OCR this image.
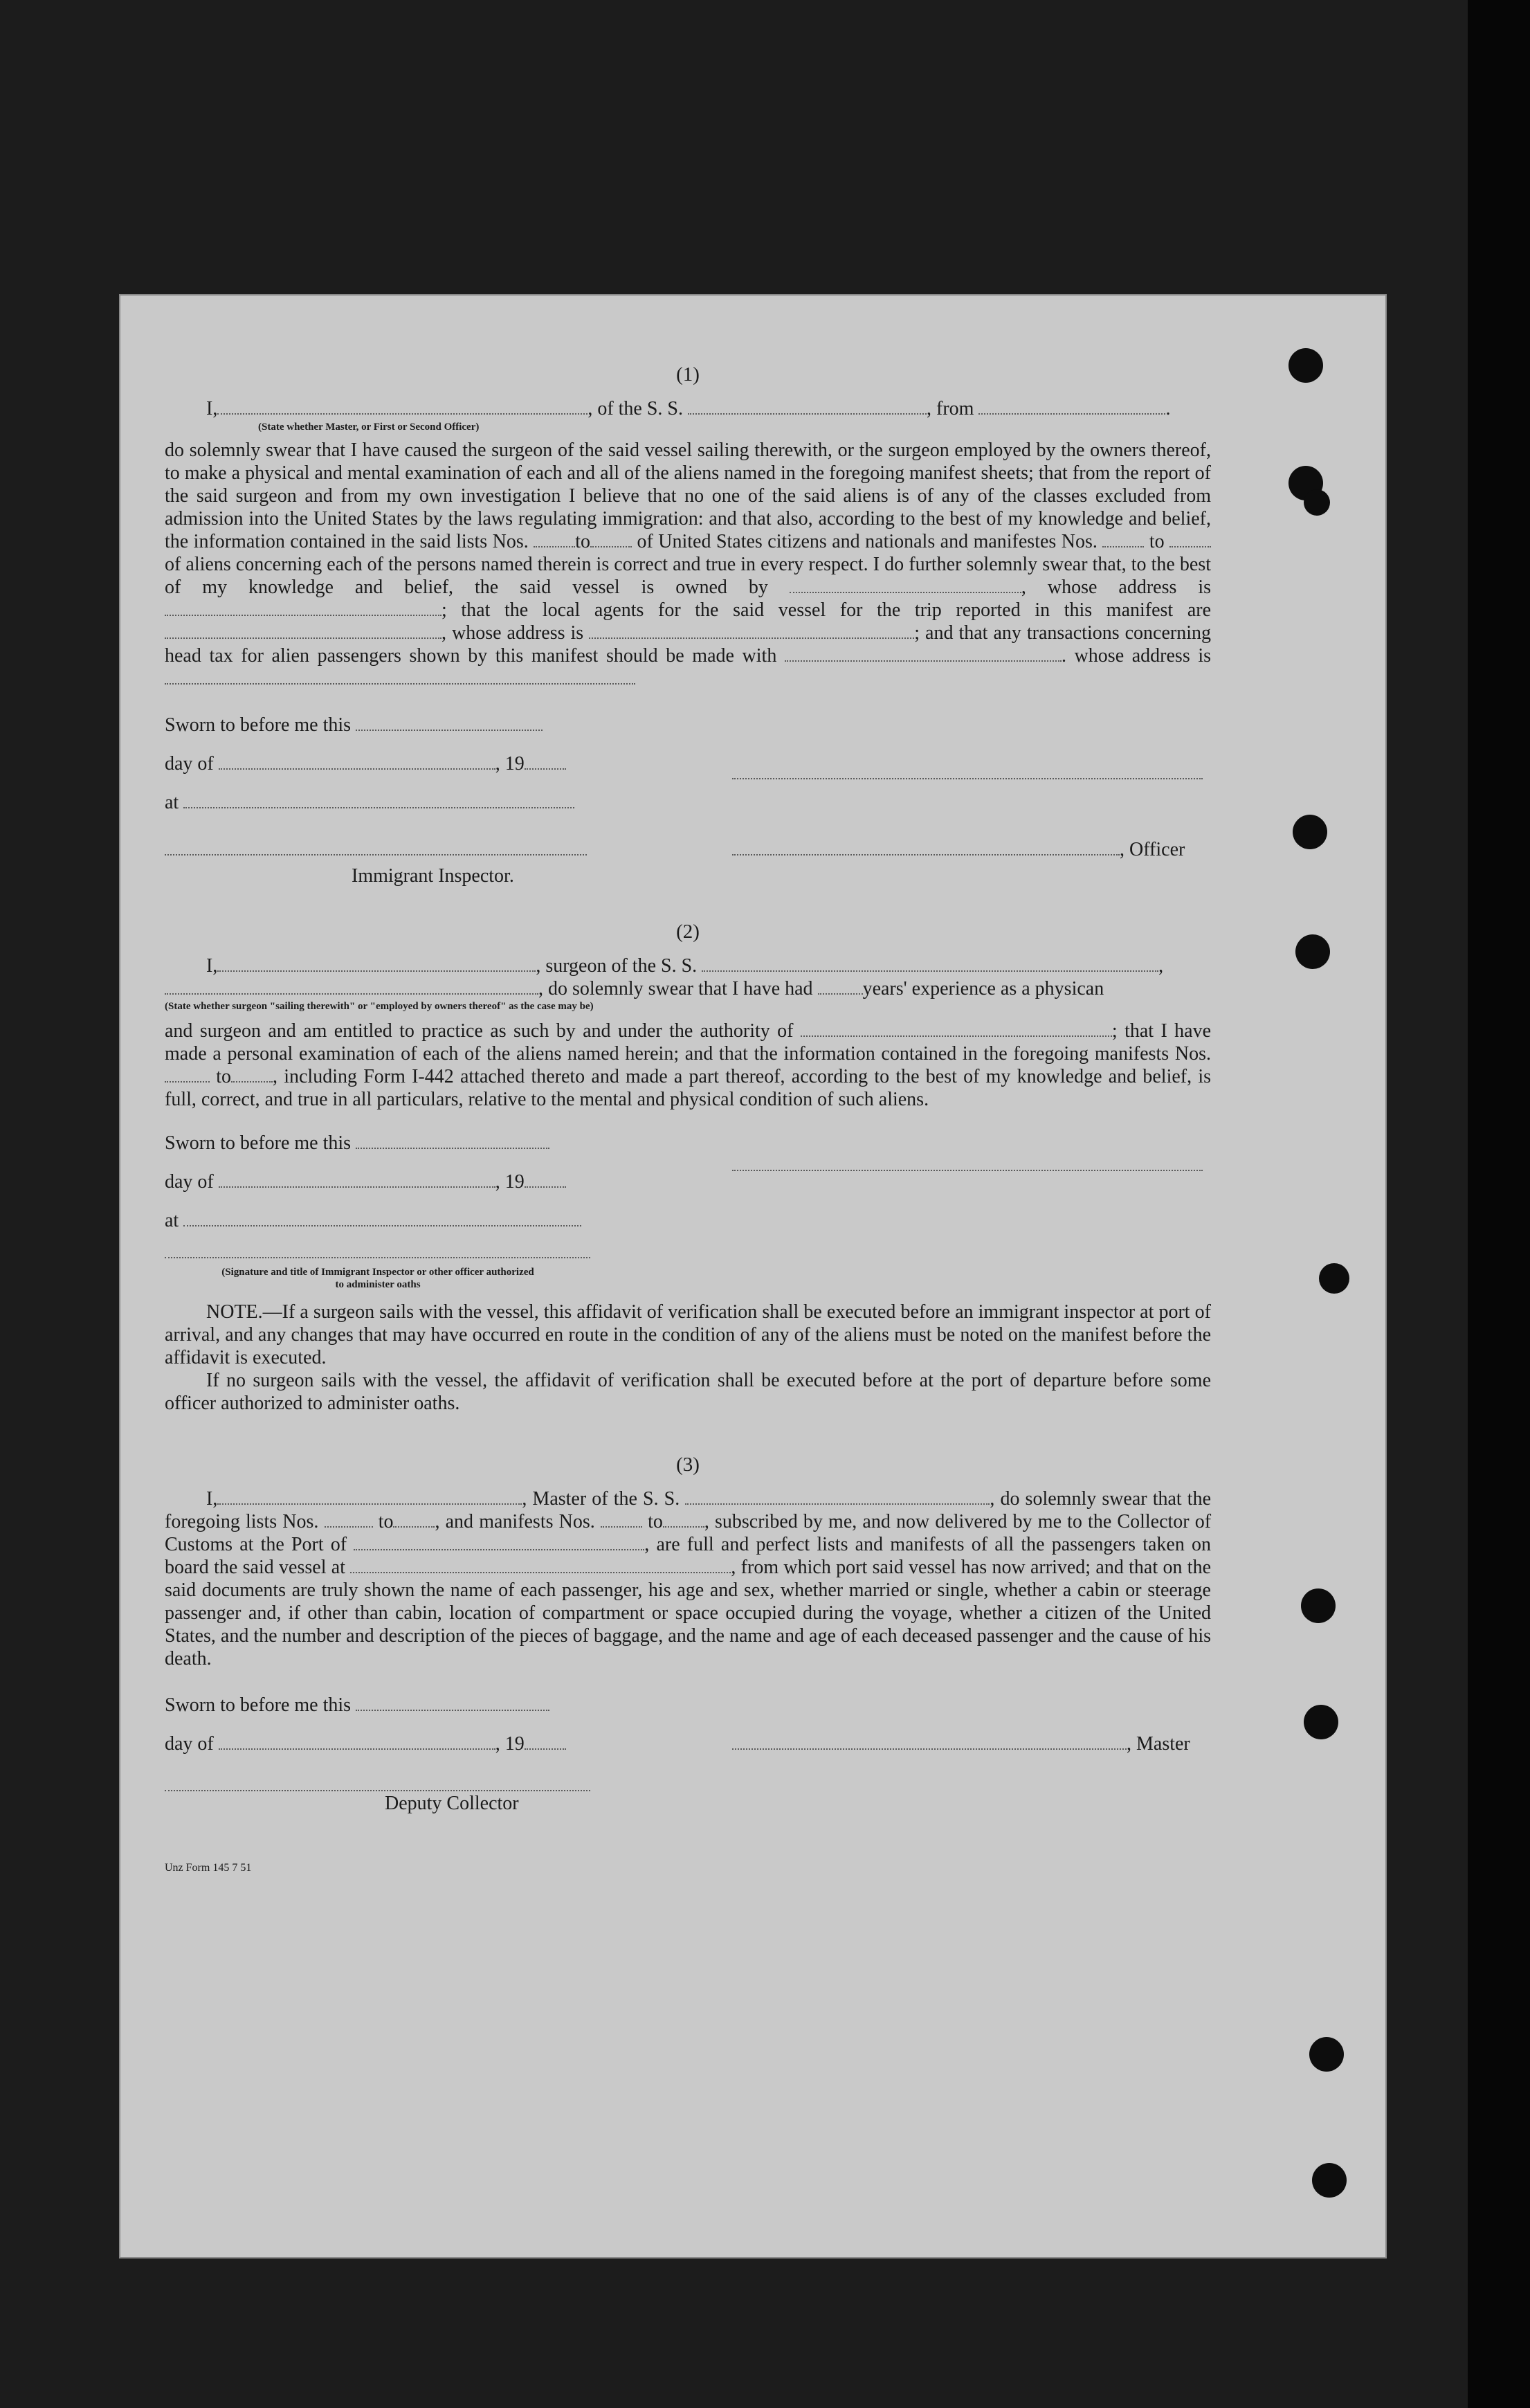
(1)
I,	, of the S. S.	, from	.
(State whether Master, or First or Second Officer)

do solemnly swear that I have caused the surgeon of the said vessel sailing therewith, or the surgeon employed by the owners thereof, to make a physical and mental examination of each and all of the aliens named in the foregoing manifest sheets; that from the report of the said surgeon and from my own investigation I believe that no one of the said aliens is of any of the classes excluded from admission into the United States by the laws regulating immigration: and that also, according to the best of my knowledge and belief, the information contained in the said lists Nos. to of United States citizens and nationals and manifestes Nos.	to  of aliens concerning each of the persons named therein is correct and true in every respect. I do further solemnly swear that, to the best of my knowledge and belief, the said vessel is owned by	, whose address is ; that the local agents for the said vessel for the trip reported in this manifest are , whose address is	; and that any transactions concerning head tax for alien passengers shown by this manifest should be made with	. whose address is

Sworn to before me this
day of	, 19
at
, Officer
Immigrant Inspector.
(2)
I,	, surgeon of the S. S.	,
, do solemnly swear that I have had	years' experience as a physican
(State whether surgeon "sailing therewith" or "employed by owners thereof" as the case may be)

and surgeon and am entitled to practice as such by and under the authority of	; that I have made a personal examination of each of the aliens named herein; and that the information contained in the foregoing manifests Nos.  to , including Form I-442 attached thereto and made a part thereof, according to the best of my knowledge and belief, is full, correct, and true in all particulars, relative to the mental and physical condition of such aliens.

Sworn to before me this
day of	, 19
at
(Signature and title of Immigrant Inspector or other officer authorized to administer oaths

NOTE.—If a surgeon sails with the vessel, this affidavit of verification shall be executed before an immigrant inspector at port of arrival, and any changes that may have occurred en route in the condition of any of the aliens must be noted on the manifest before the affidavit is executed.

If no surgeon sails with the vessel, the affidavit of verification shall be executed before at the port of departure before some officer authorized to administer oaths.

(3)

I,	, Master of the S. S.	, do solemnly swear that the foregoing lists Nos.	to , and manifests Nos.	to , subscribed by me, and now delivered by me to the Collector of Customs at the Port of	, are full and perfect lists and manifests of all the passengers taken on board the said vessel at	, from which port said vessel has now arrived; and that on the said documents are truly shown the name of each passenger, his age and sex, whether married or single, whether a cabin or steerage passenger and, if other than cabin, location of compartment or space occupied during the voyage, whether a citizen of the United States, and the number and description of the pieces of baggage, and the name and age of each deceased passenger and the cause of his death.

Sworn to before me this
day of	, 19	, Master
Deputy Collector
Unz Form 145 7 51
